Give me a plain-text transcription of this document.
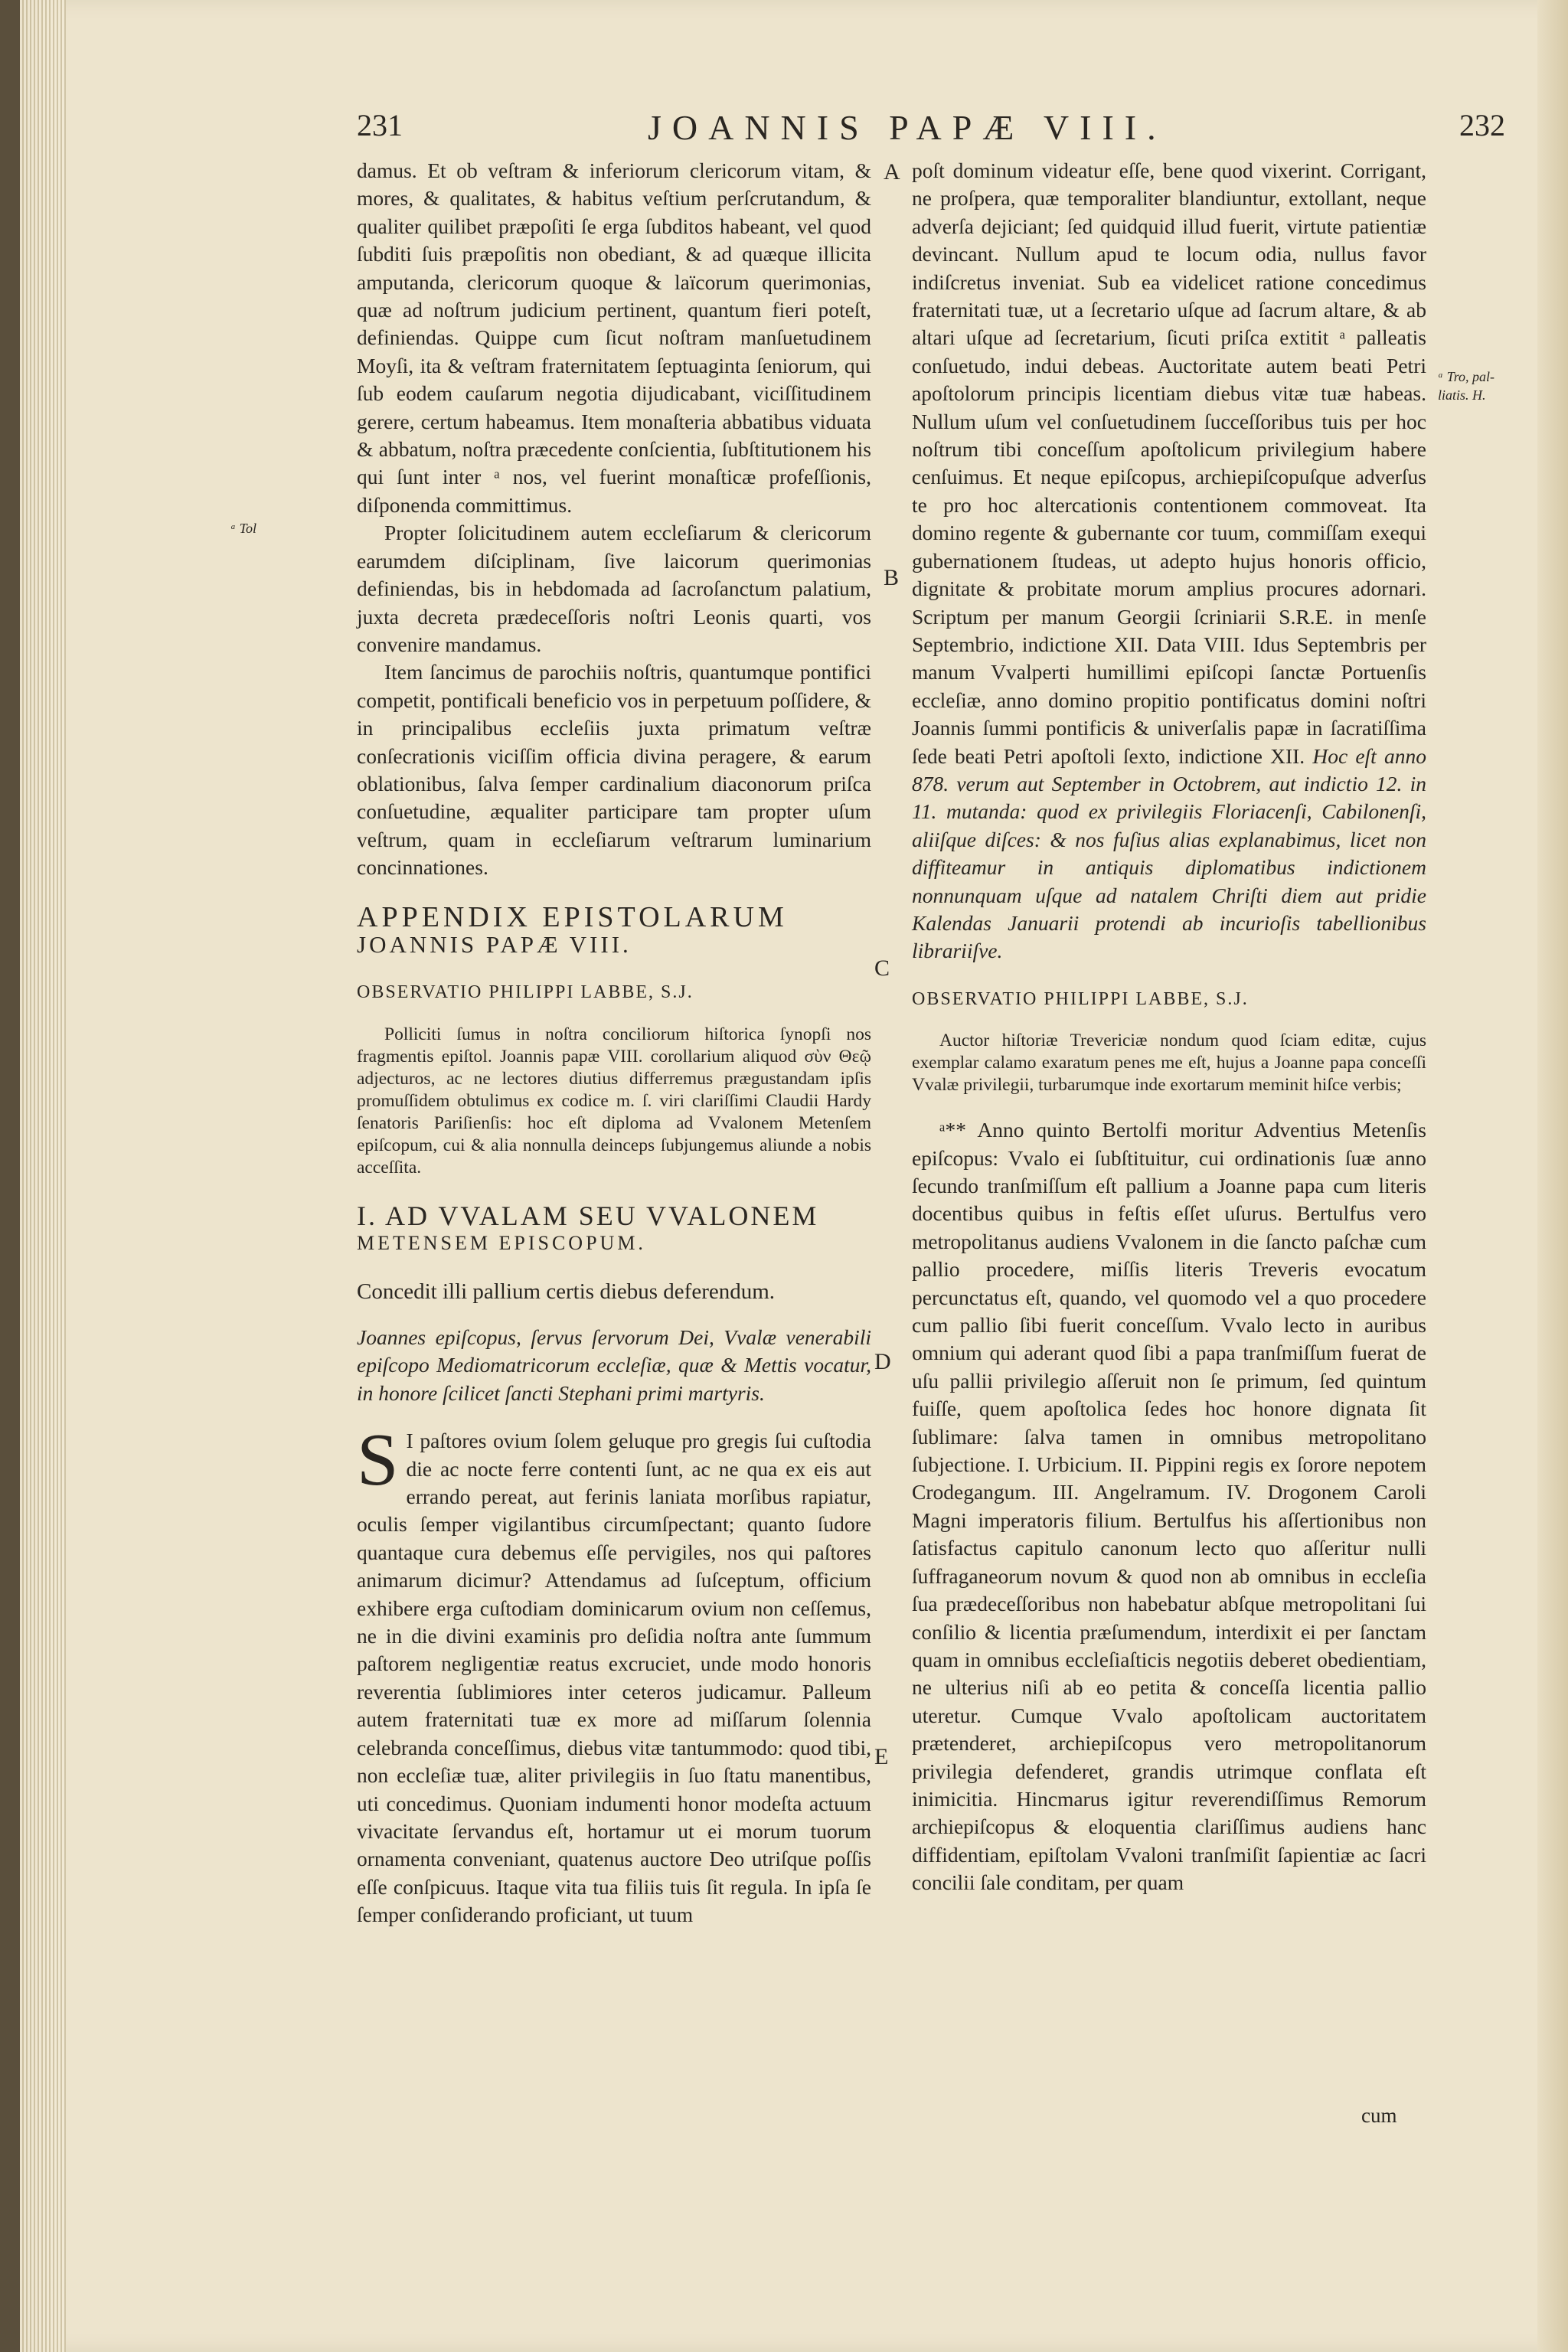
231	JOANNIS PAPÆ VIII.	232
A
B
C
D
E
ᵃ Tol
ᵃ Tro, pal-liatis. H.

damus. Et ob veſtram & inferiorum clericorum vitam, & mores, & qualitates, & habitus veſtium perſcrutandum, & qualiter quilibet præpoſiti ſe erga ſubditos habeant, vel quod ſubditi ſuis præpoſitis non obediant, & ad quæque illicita amputanda, clericorum quoque & laïcorum querimonias, quæ ad noſtrum judicium pertinent, quantum fieri poteſt, definiendas. Quippe cum ſicut noſtram manſuetudinem Moyſi, ita & veſtram fraternitatem ſeptuaginta ſeniorum, qui ſub eodem cauſarum negotia dijudicabant, viciſſitudinem gerere, certum habeamus. Item monaſteria abbatibus viduata & abbatum, noſtra præcedente conſcientia, ſubſtitutionem his qui ſunt inter ᵃ nos, vel fuerint monaſticæ profeſſionis, diſponenda committimus.

Propter ſolicitudinem autem eccleſiarum & clericorum earumdem diſciplinam, ſive laicorum querimonias definiendas, bis in hebdomada ad ſacroſanctum palatium, juxta decreta prædeceſſoris noſtri Leonis quarti, vos convenire mandamus.

Item ſancimus de parochiis noſtris, quantumque pontifici competit, pontificali beneficio vos in perpetuum poſſidere, & in principalibus eccleſiis juxta primatum veſtræ conſecrationis viciſſim officia divina peragere, & earum oblationibus, ſalva ſemper cardinalium diaconorum priſca conſuetudine, æqualiter participare tam propter uſum veſtrum, quam in eccleſiarum veſtrarum luminarium concinnationes.

APPENDIX EPISTOLARUM

JOANNIS PAPÆ VIII.

OBSERVATIO PHILIPPI LABBE, S.J.

Polliciti ſumus in noſtra conciliorum hiſtorica ſynopſi nos fragmentis epiſtol. Joannis papæ VIII. corollarium aliquod σὺν Θεῷ adjecturos, ac ne lectores diutius differremus prægustandam ipſis promuſſidem obtulimus ex codice m. ſ. viri clariſſimi Claudii Hardy ſenatoris Pariſienſis: hoc eſt diploma ad Vvalonem Metenſem epiſcopum, cui & alia nonnulla deinceps ſubjungemus aliunde a nobis acceſſita.

I. AD VVALAM SEU VVALONEM

METENSEM EPISCOPUM.

Concedit illi pallium certis diebus deferendum.

Joannes epiſcopus, ſervus ſervorum Dei, Vvalæ venerabili epiſcopo Mediomatricorum eccleſiæ, quæ & Mettis vocatur, in honore ſcilicet ſancti Stephani primi martyris.

S I paſtores ovium ſolem geluque pro gregis ſui cuſtodia die ac nocte ferre contenti ſunt, ac ne qua ex eis aut errando pereat, aut ferinis laniata morſibus rapiatur, oculis ſemper vigilantibus circumſpectant; quanto ſudore quantaque cura debemus eſſe pervigiles, nos qui paſtores animarum dicimur? Attendamus ad ſuſceptum, officium exhibere erga cuſtodiam dominicarum ovium non ceſſemus, ne in die divini examinis pro deſidia noſtra ante ſummum paſtorem negligentiæ reatus excruciet, unde modo honoris reverentia ſublimiores inter ceteros judicamur. Palleum autem fraternitati tuæ ex more ad miſſarum ſolennia celebranda conceſſimus, diebus vitæ tantummodo: quod tibi, non eccleſiæ tuæ, aliter privilegiis in ſuo ſtatu manentibus, uti concedimus. Quoniam indumenti honor modeſta actuum vivacitate ſervandus eſt, hortamur ut ei morum tuorum ornamenta conveniant, quatenus auctore Deo utriſque poſſis eſſe conſpicuus. Itaque vita tua filiis tuis ſit regula. In ipſa ſe ſemper conſiderando proficiant, ut tuum

poſt dominum videatur eſſe, bene quod vixerint. Corrigant, ne proſpera, quæ temporaliter blandiuntur, extollant, neque adverſa dejiciant; ſed quidquid illud fuerit, virtute patientiæ devincant. Nullum apud te locum odia, nullus favor indiſcretus inveniat. Sub ea videlicet ratione concedimus fraternitati tuæ, ut a ſecretario uſque ad ſacrum altare, & ab altari uſque ad ſecretarium, ſicuti priſca extitit ᵃ palleatis conſuetudo, indui debeas. Auctoritate autem beati Petri apoſtolorum principis licentiam diebus vitæ tuæ habeas. Nullum uſum vel conſuetudinem ſucceſſoribus tuis per hoc noſtrum tibi conceſſum apoſtolicum privilegium habere cenſuimus. Et neque epiſcopus, archiepiſcopuſque adverſus te pro hoc altercationis contentionem commoveat. Ita domino regente & gubernante cor tuum, commiſſam exequi gubernationem ſtudeas, ut adepto hujus honoris officio, dignitate & probitate morum amplius procures adornari. Scriptum per manum Georgii ſcriniarii S.R.E. in menſe Septembrio, indictione XII. Data VIII. Idus Septembris per manum Vvalperti humillimi epiſcopi ſanctæ Portuenſis eccleſiæ, anno domino propitio pontificatus domini noſtri Joannis ſummi pontificis & univerſalis papæ in ſacratiſſima ſede beati Petri apoſtoli ſexto, indictione XII. Hoc eſt anno 878. verum aut September in Octobrem, aut indictio 12. in 11. mutanda: quod ex privilegiis Floriacenſi, Cabilonenſi, aliiſque diſces: & nos fuſius alias explanabimus, licet non diffiteamur in antiquis diplomatibus indictionem nonnunquam uſque ad natalem Chriſti diem aut pridie Kalendas Januarii protendi ab incurioſis tabellionibus librariiſve.

OBSERVATIO PHILIPPI LABBE, S.J.

Auctor hiſtoriæ Trevericiæ nondum quod ſciam editæ, cujus exemplar calamo exaratum penes me eſt, hujus a Joanne papa conceſſi Vvalæ privilegii, turbarumque inde exortarum meminit hiſce verbis;

ᵃ** Anno quinto Bertolfi moritur Adventius Metenſis epiſcopus: Vvalo ei ſubſtituitur, cui ordinationis ſuæ anno ſecundo tranſmiſſum eſt pallium a Joanne papa cum literis docentibus quibus in feſtis eſſet uſurus. Bertulfus vero metropolitanus audiens Vvalonem in die ſancto paſchæ cum pallio procedere, miſſis literis Treveris evocatum percunctatus eſt, quando, vel quomodo vel a quo procedere cum pallio ſibi fuerit conceſſum. Vvalo lecto in auribus omnium qui aderant quod ſibi a papa tranſmiſſum fuerat de uſu pallii privilegio aſſeruit non ſe primum, ſed quintum fuiſſe, quem apoſtolica ſedes hoc honore dignata ſit ſublimare: ſalva tamen in omnibus metropolitano ſubjectione. I. Urbicium. II. Pippini regis ex ſorore nepotem Crodegangum. III. Angelramum. IV. Drogonem Caroli Magni imperatoris filium. Bertulfus his aſſertionibus non ſatisfactus capitulo canonum lecto quo aſſeritur nulli ſuffraganeorum novum & quod non ab omnibus in eccleſia ſua prædeceſſoribus non habebatur abſque metropolitani ſui conſilio & licentia præſumendum, interdixit ei per ſanctam quam in omnibus eccleſiaſticis negotiis deberet obedientiam, ne ulterius niſi ab eo petita & conceſſa licentia pallio uteretur. Cumque Vvalo apoſtolicam auctoritatem prætenderet, archiepiſcopus vero metropolitanorum privilegia defenderet, grandis utrimque conflata eſt inimicitia. Hincmarus igitur reverendiſſimus Remorum archiepiſcopus & eloquentia clariſſimus audiens hanc diffidentiam, epiſtolam Vvaloni tranſmiſit ſapientiæ ac ſacri concilii ſale conditam, per quam

cum
